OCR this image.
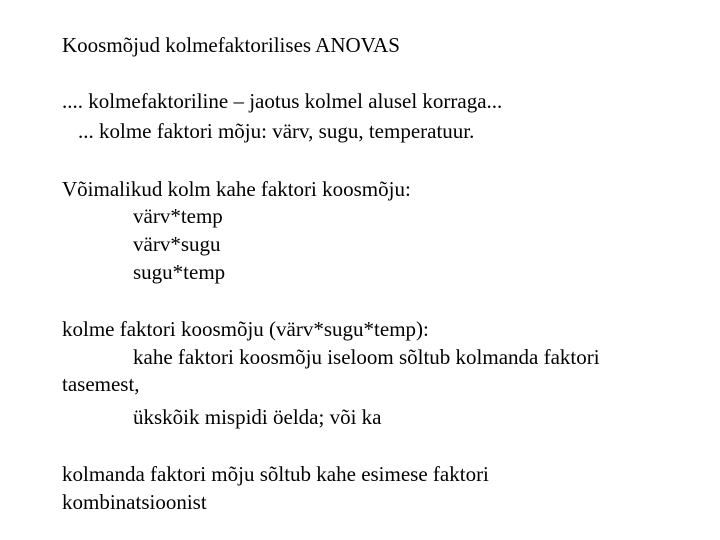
Koosmõjud kolmefaktorilises ANOVAS
.... kolmefaktoriline – jaotus kolmel alusel korraga...
... kolme faktori mõju: värv, sugu, temperatuur.
Võimalikud kolm kahe faktori koosmõju:
värv*temp
värv*sugu
sugu*temp
kolme faktori koosmõju (värv*sugu*temp):
kahe faktori koosmõju iseloom sõltub kolmanda faktori
tasemest,
ükskõik mispidi öelda; või ka
kolmanda faktori mõju sõltub kahe esimese faktori
kombinatsioonist
